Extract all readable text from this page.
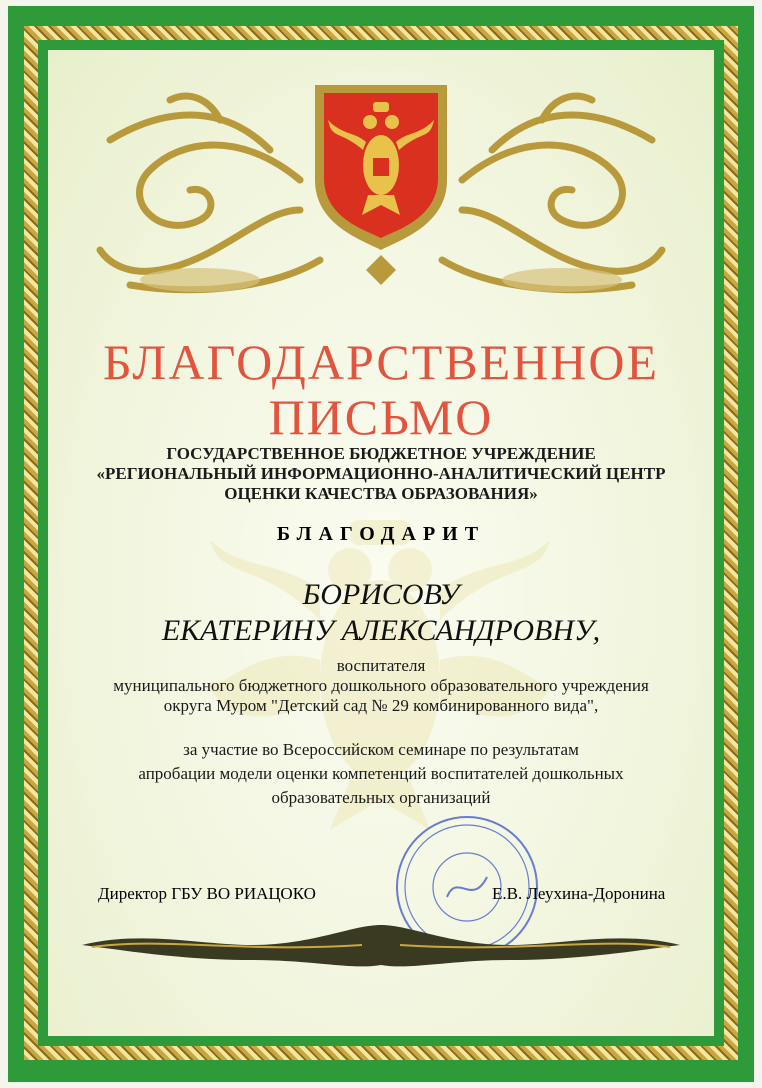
БЛАГОДАРСТВЕННОЕ
ПИСЬМО
ГОСУДАРСТВЕННОЕ БЮДЖЕТНОЕ УЧРЕЖДЕНИЕ
«РЕГИОНАЛЬНЫЙ ИНФОРМАЦИОННО-АНАЛИТИЧЕСКИЙ ЦЕНТР
ОЦЕНКИ КАЧЕСТВА ОБРАЗОВАНИЯ»
БЛАГОДАРИТ
БОРИСОВУ
ЕКАТЕРИНУ АЛЕКСАНДРОВНУ,
воспитателя
муниципального бюджетного дошкольного образовательного учреждения
округа Муром "Детский сад № 29 комбинированного вида",
за участие во Всероссийском семинаре по результатам
апробации модели оценки компетенций воспитателей дошкольных
образовательных организаций
Директор ГБУ ВО РИАЦОКО	Е.В. Леухина-Доронина
